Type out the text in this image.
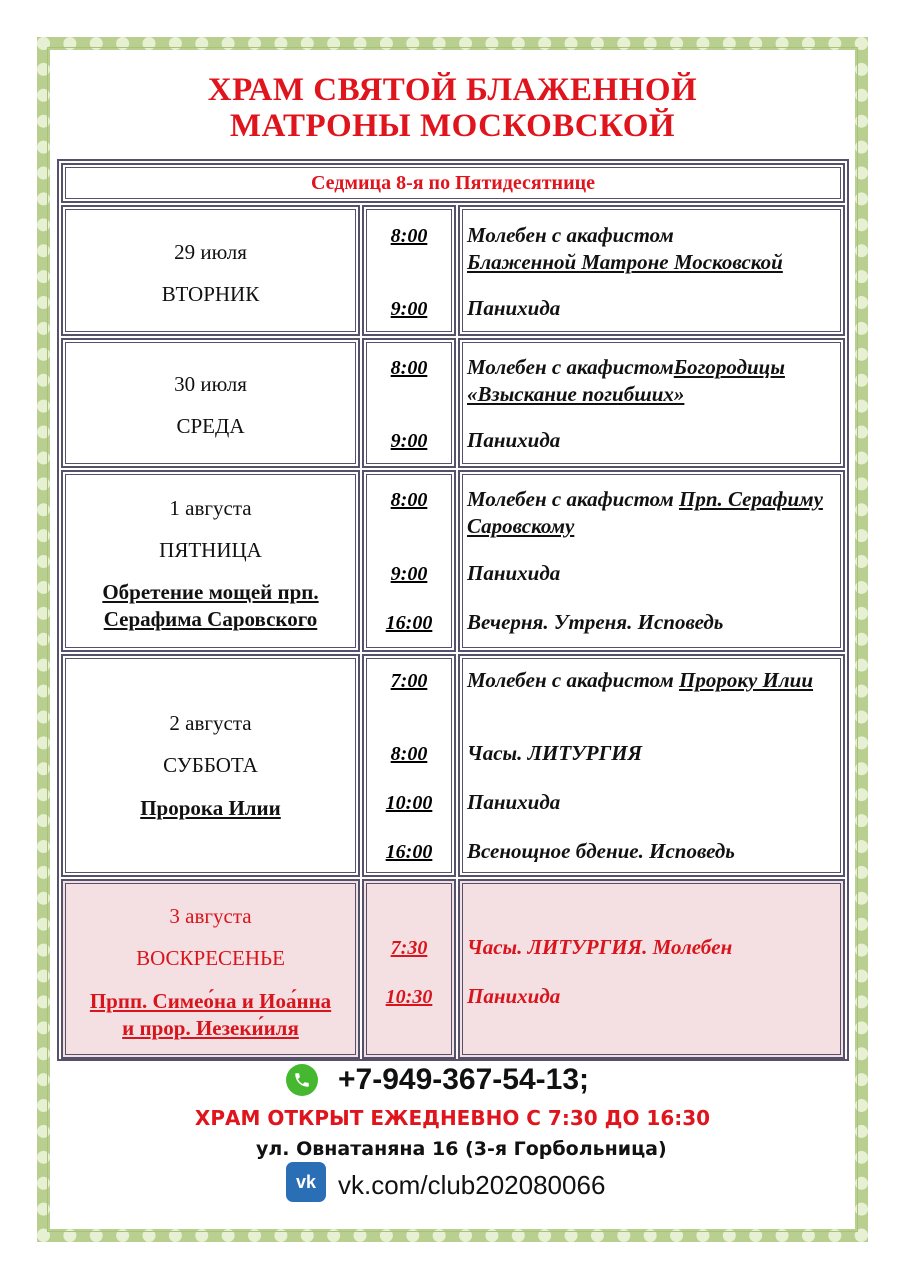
ХРАМ СВЯТОЙ БЛАЖЕННОЙ
МАТРОНЫ МОСКОВСКОЙ
Седмица 8-я по Пятидесятнице
29 июля
ВТОРНИК
8:00
9:00
Молебен с акафистом
Блаженной Матроне Московской
Панихида
30 июля
СРЕДА
8:00
9:00
Молебен с акафистомБогородицы «Взыскание погибших»
Панихида
1 августа
ПЯТНИЦА
Обретение мощей прп.
Серафима Саровского
8:00
9:00
16:00
Молебен с акафистом Прп. Серафиму Саровскому
Панихида
Вечерня. Утреня. Исповедь
2 августа
СУББОТА
Пророка Илии
7:00
8:00
10:00
16:00
Молебен с акафистом Пророку Илии
Часы. ЛИТУРГИЯ
Панихида
Всенощное бдение. Исповедь
3 августа
ВОСКРЕСЕНЬЕ
Прпп. Симео́на и Иоа́нна
и прор. Иезеки́иля
7:30
10:30
Часы. ЛИТУРГИЯ. Молебен
Панихида
+7-949-367-54-13;
ХРАМ ОТКРЫТ ЕЖЕДНЕВНО С 7:30 ДО 16:30
ул. Овнатаняна 16 (3-я Горбольница)
vk vk.com/club202080066
